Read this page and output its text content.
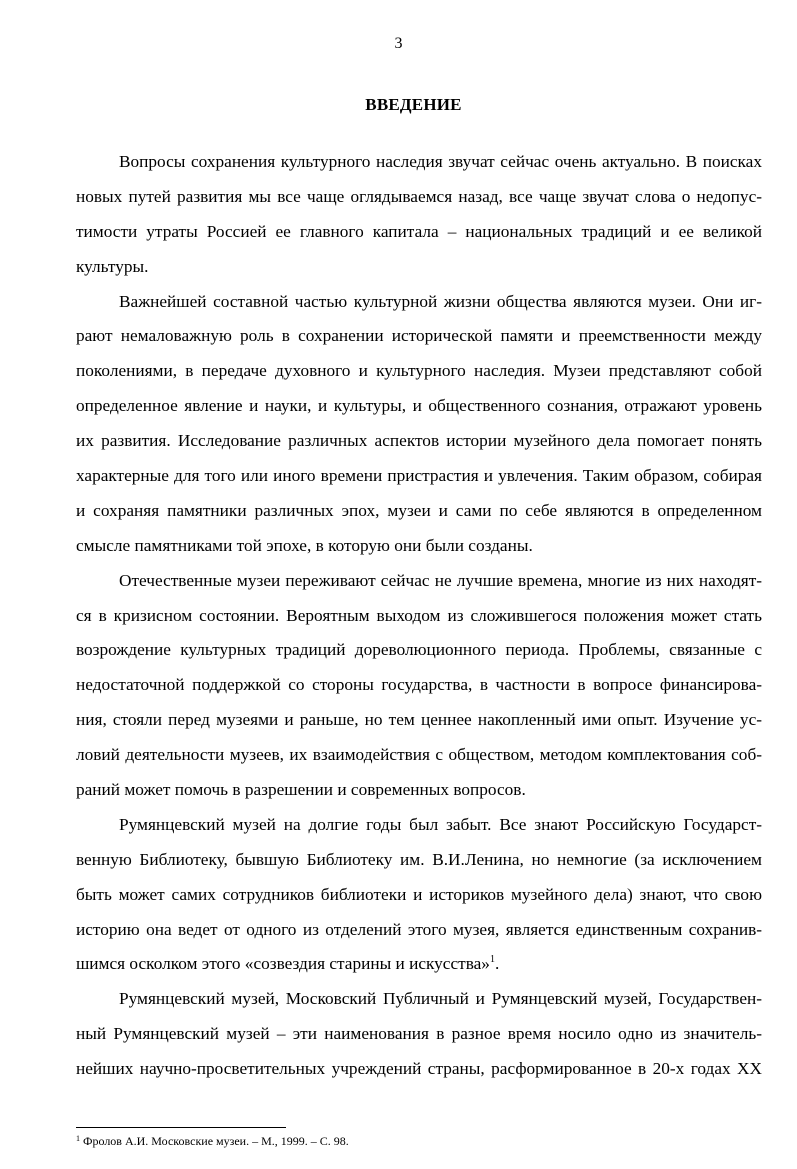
3
ВВЕДЕНИЕ
Вопросы сохранения культурного наследия звучат сейчас очень актуально. В поисках
новых путей развития мы все чаще оглядываемся назад, все чаще звучат слова о недопус-
тимости утраты Россией ее главного капитала – национальных традиций и ее великой
культуры.
Важнейшей составной частью культурной жизни общества являются музеи. Они иг-
рают немаловажную роль в сохранении исторической памяти и преемственности между
поколениями, в передаче духовного и культурного наследия. Музеи представляют собой
определенное явление и науки, и культуры, и общественного сознания, отражают уровень
их развития. Исследование различных аспектов истории музейного дела помогает понять
характерные для того или иного времени пристрастия и увлечения. Таким образом, собирая
и сохраняя памятники различных эпох, музеи и сами по себе являются в определенном
смысле памятниками той эпохе, в которую они были созданы.
Отечественные музеи переживают сейчас не лучшие времена, многие из них находят-
ся в кризисном состоянии. Вероятным выходом из сложившегося положения может стать
возрождение культурных традиций дореволюционного периода. Проблемы, связанные с
недостаточной поддержкой со стороны государства, в частности в вопросе финансирова-
ния, стояли перед музеями и раньше, но тем ценнее накопленный ими опыт. Изучение ус-
ловий деятельности музеев, их взаимодействия с обществом, методом комплектования соб-
раний может помочь в разрешении и современных вопросов.
Румянцевский музей на долгие годы был забыт. Все знают Российскую Государст-
венную Библиотеку, бывшую Библиотеку им. В.И.Ленина, но немногие (за исключением
быть может самих сотрудников библиотеки и историков музейного дела) знают, что свою
историю она ведет от одного из отделений этого музея, является единственным сохранив-
шимся осколком этого «созвездия старины и искусства»$^1$.
Румянцевский музей, Московский Публичный и Румянцевский музей, Государствен-
ный Румянцевский музей – эти наименования в разное время носило одно из значитель-
нейших научно-просветительных учреждений страны, расформированное в 20-х годах XX
$^1$ Фролов А.И. Московские музеи. – М., 1999. – С. 98.
